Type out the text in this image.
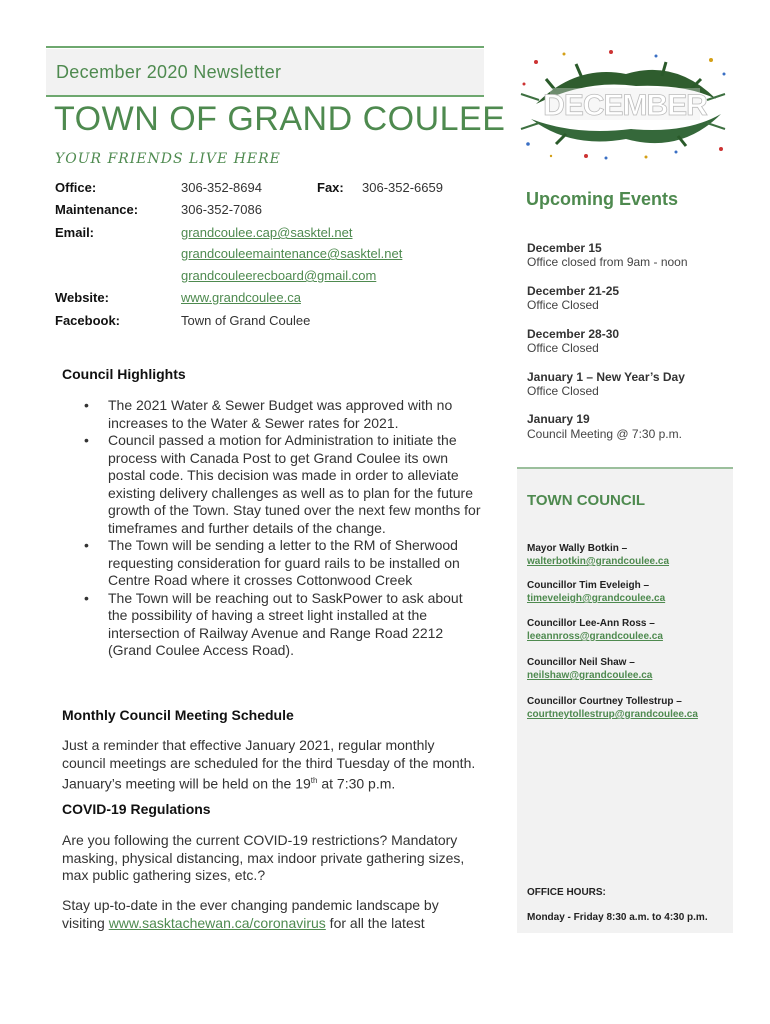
December 2020 Newsletter
TOWN OF GRAND COULEE
YOUR FRIENDS LIVE HERE
Office:	306-352-8694	Fax: 306-352-6659
Maintenance:	306-352-7086
Email:	grandcoulee.cap@sasktel.net
grandcouleemaintenance@sasktel.net
grandcouleerecboard@gmail.com
Website:	www.grandcoulee.ca
Facebook:	Town of Grand Coulee
Council Highlights
• The 2021 Water & Sewer Budget was approved with no increases to the Water & Sewer rates for 2021.
• Council passed a motion for Administration to initiate the process with Canada Post to get Grand Coulee its own postal code. This decision was made in order to alleviate existing delivery challenges as well as to plan for the future growth of the Town. Stay tuned over the next few months for timeframes and further details of the change.
• The Town will be sending a letter to the RM of Sherwood requesting consideration for guard rails to be installed on Centre Road where it crosses Cottonwood Creek
• The Town will be reaching out to SaskPower to ask about the possibility of having a street light installed at the intersection of Railway Avenue and Range Road 2212 (Grand Coulee Access Road).
Monthly Council Meeting Schedule
Just a reminder that effective January 2021, regular monthly council meetings are scheduled for the third Tuesday of the month. January’s meeting will be held on the 19th at 7:30 p.m.
COVID-19 Regulations
Are you following the current COVID-19 restrictions? Mandatory masking, physical distancing, max indoor private gathering sizes, max public gathering sizes, etc.?
Stay up-to-date in the ever changing pandemic landscape by visiting www.sasktachewan.ca/coronavirus for all the latest
DECEMBER
Upcoming Events
December 15
Office closed from 9am - noon
December 21-25
Office Closed
December 28-30
Office Closed
January 1 – New Year’s Day
Office Closed
January 19
Council Meeting @ 7:30 p.m.
TOWN COUNCIL
Mayor Wally Botkin –
walterbotkin@grandcoulee.ca
Councillor Tim Eveleigh –
timeveleigh@grandcoulee.ca
Councillor Lee-Ann Ross –
leeannross@grandcoulee.ca
Councillor Neil Shaw –
neilshaw@grandcoulee.ca
Councillor Courtney Tollestrup –
courtneytollestrup@grandcoulee.ca
OFFICE HOURS:
Monday - Friday 8:30 a.m. to 4:30 p.m.
